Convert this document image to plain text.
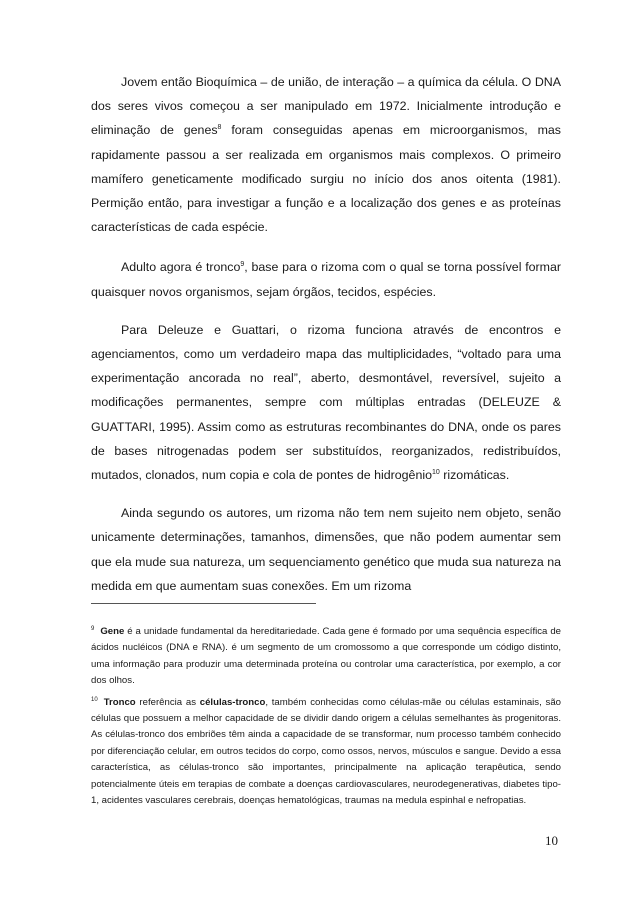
Jovem então Bioquímica – de união, de interação – a química da célula. O DNA dos seres vivos começou a ser manipulado em 1972. Inicialmente introdução e eliminação de genes$^8$ foram conseguidas apenas em microorganismos, mas rapidamente passou a ser realizada em organismos mais complexos. O primeiro mamífero geneticamente modificado surgiu no início dos anos oitenta (1981). Permição então, para investigar a função e a localização dos genes e as proteínas características de cada espécie.

Adulto agora é tronco$^9$, base para o rizoma com o qual se torna possível formar quaisquer novos organismos, sejam órgãos, tecidos, espécies.

Para Deleuze e Guattari, o rizoma funciona através de encontros e agenciamentos, como um verdadeiro mapa das multiplicidades, “voltado para uma experimentação ancorada no real”, aberto, desmontável, reversível, sujeito a modificações permanentes, sempre com múltiplas entradas (DELEUZE & GUATTARI, 1995). Assim como as estruturas recombinantes do DNA, onde os pares de bases nitrogenadas podem ser substituídos, reorganizados, redistribuídos, mutados, clonados, num copia e cola de pontes de hidrogênio$^{10}$ rizomáticas.

Ainda segundo os autores, um rizoma não tem nem sujeito nem objeto, senão unicamente determinações, tamanhos, dimensões, que não podem aumentar sem que ela mude sua natureza, um sequenciamento genético que muda sua natureza na medida em que aumentam suas conexões. Em um rizoma

$^9$ Gene é a unidade fundamental da hereditariedade. Cada gene é formado por uma sequência específica de ácidos nucléicos (DNA e RNA). é um segmento de um cromossomo a que corresponde um código distinto, uma informação para produzir uma determinada proteína ou controlar uma característica, por exemplo, a cor dos olhos.

$^{10}$ Tronco referência as células-tronco, também conhecidas como células-mãe ou células estaminais, são células que possuem a melhor capacidade de se dividir dando origem a células semelhantes às progenitoras. As células-tronco dos embriões têm ainda a capacidade de se transformar, num processo também conhecido por diferenciação celular, em outros tecidos do corpo, como ossos, nervos, músculos e sangue. Devido a essa característica, as células-tronco são importantes, principalmente na aplicação terapêutica, sendo potencialmente úteis em terapias de combate a doenças cardiovasculares, neurodegenerativas, diabetes tipo-1, acidentes vasculares cerebrais, doenças hematológicas, traumas na medula espinhal e nefropatias.

10
